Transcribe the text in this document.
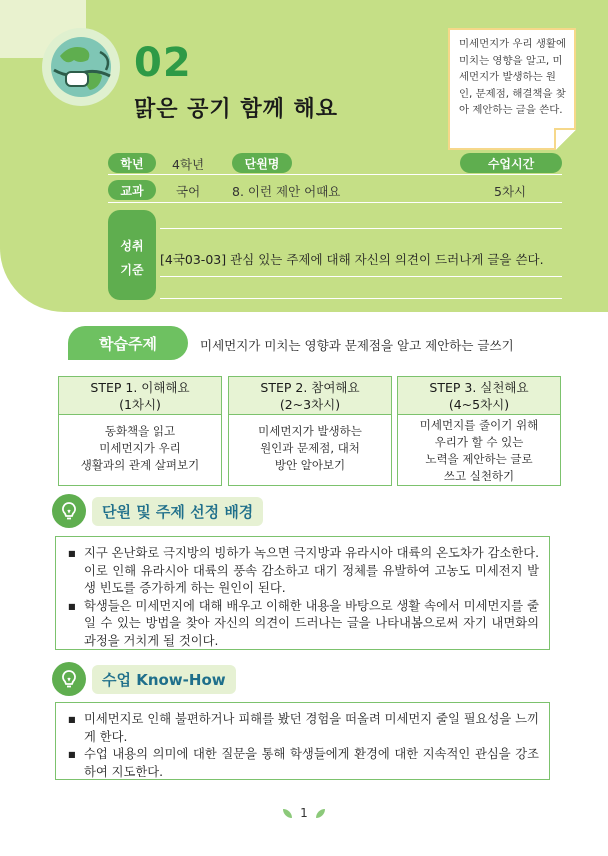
02
맑은 공기 함께 해요
미세먼지가 우리 생활에 미치는 영향을 알고, 미세먼지가 발생하는 원인, 문제점, 해결책을 찾아 제안하는 글을 쓴다.
학년	4학년	단원명	수업시간
교과	국어	8. 이런 제안 어때요	5차시
성취
기준
[4국03-03] 관심 있는 주제에 대해 자신의 의견이 드러나게 글을 쓴다.
학습주제	미세먼지가 미치는 영향과 문제점을 알고 제안하는 글쓰기
STEP 1. 이해해요
(1차시)
동화책을 읽고
미세먼지가 우리
생활과의 관계 살펴보기
STEP 2. 참여해요
(2~3차시)
미세먼지가 발생하는
원인과 문제점, 대처
방안 알아보기
STEP 3. 실천해요
(4~5차시)
미세먼지를 줄이기 위해
우리가 할 수 있는
노력을 제안하는 글로
쓰고 실천하기
단원 및 주제 선정 배경
■ 지구 온난화로 극지방의 빙하가 녹으면 극지방과 유라시아 대륙의 온도차가 감소한다. 이로 인해 유라시아 대륙의 풍속 감소하고 대기 정체를 유발하여 고농도 미세전지 발생 빈도를 증가하게 하는 원인이 된다.
■ 학생들은 미세먼지에 대해 배우고 이해한 내용을 바탕으로 생활 속에서 미세먼지를 줄일 수 있는 방법을 찾아 자신의 의견이 드러나는 글을 나타내봄으로써 자기 내면화의 과정을 거치게 될 것이다.
수업 Know-How
■ 미세먼지로 인해 불편하거나 피해를 봤던 경험을 떠올려 미세먼지 줄일 필요성을 느끼게 한다.
■ 수업 내용의 의미에 대한 질문을 통해 학생들에게 환경에 대한 지속적인 관심을 강조하여 지도한다.
1
